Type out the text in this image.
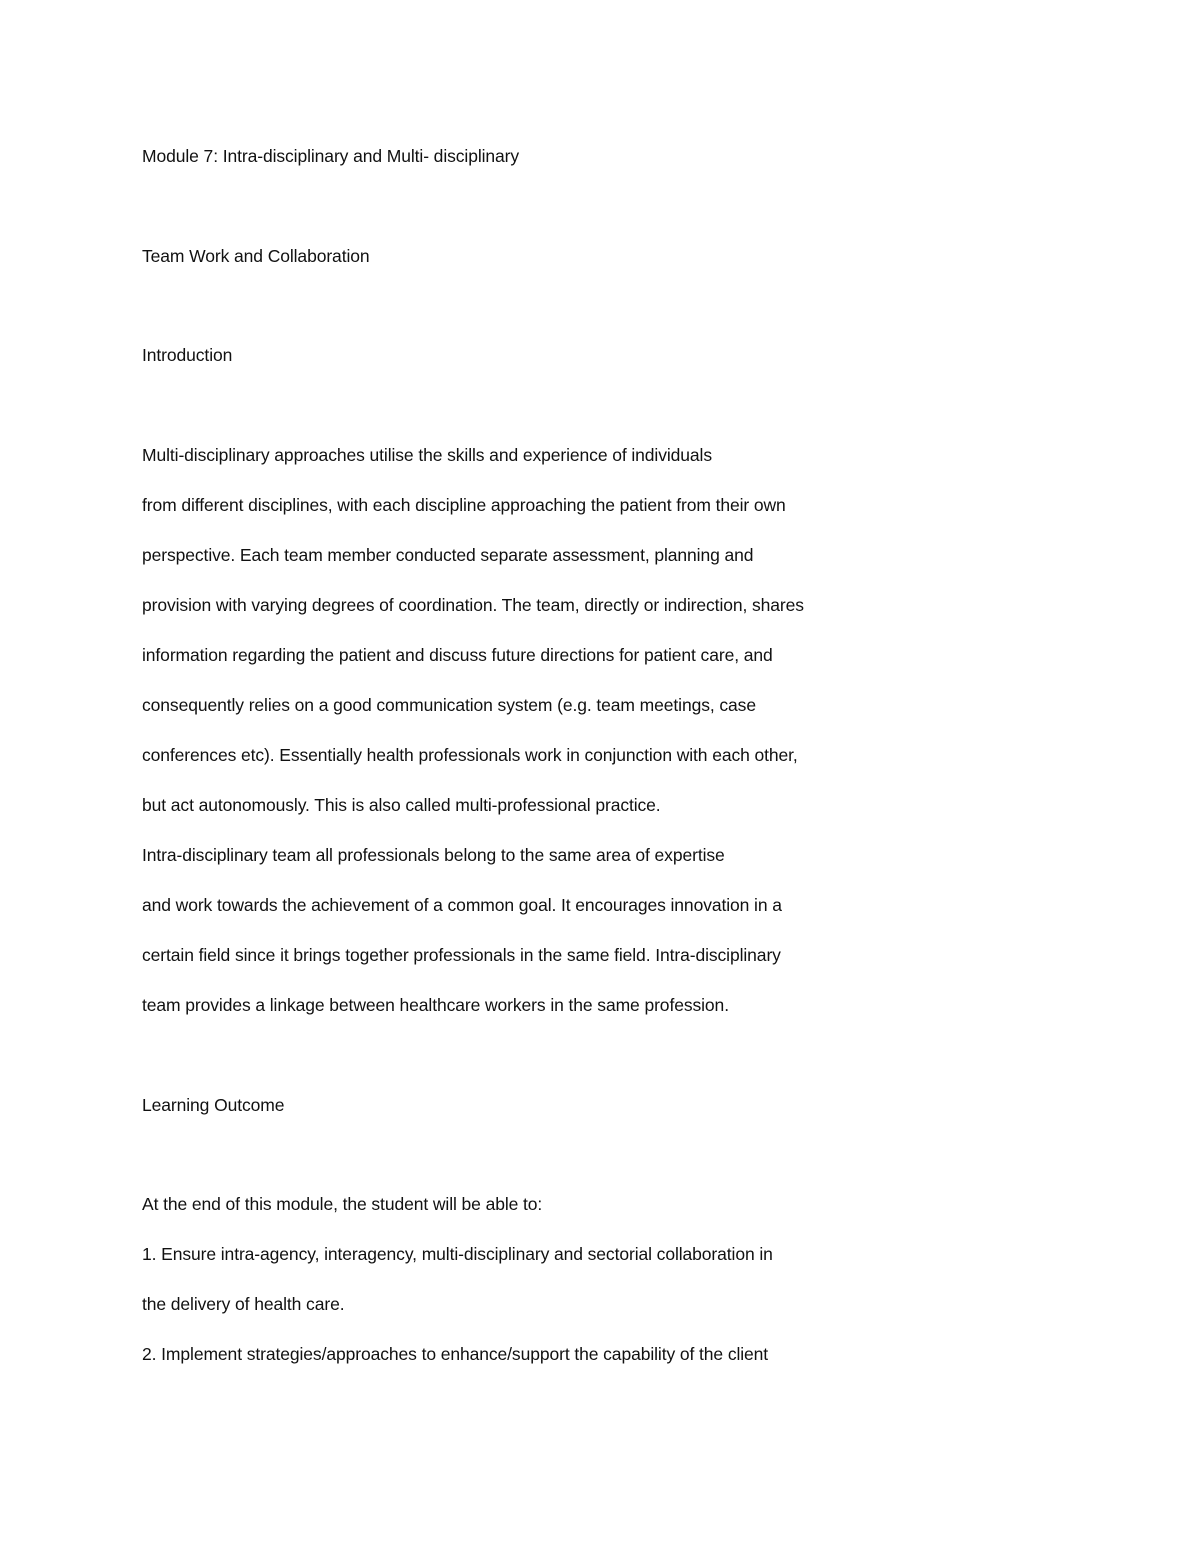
Module 7: Intra-disciplinary and Multi- disciplinary

Team Work and Collaboration

Introduction

Multi-disciplinary approaches utilise the skills and experience of individuals

from different disciplines, with each discipline approaching the patient from their own

perspective. Each team member conducted separate assessment, planning and

provision with varying degrees of coordination. The team, directly or indirection, shares

information regarding the patient and discuss future directions for patient care, and

consequently relies on a good communication system (e.g. team meetings, case

conferences etc). Essentially health professionals work in conjunction with each other,

but act autonomously. This is also called multi-professional practice.

Intra-disciplinary team all professionals belong to the same area of expertise

and work towards the achievement of a common goal. It encourages innovation in a

certain field since it brings together professionals in the same field. Intra-disciplinary

team provides a linkage between healthcare workers in the same profession.

Learning Outcome

At the end of this module, the student will be able to:

1. Ensure intra-agency, interagency, multi-disciplinary and sectorial collaboration in

the delivery of health care.

2. Implement strategies/approaches to enhance/support the capability of the client
